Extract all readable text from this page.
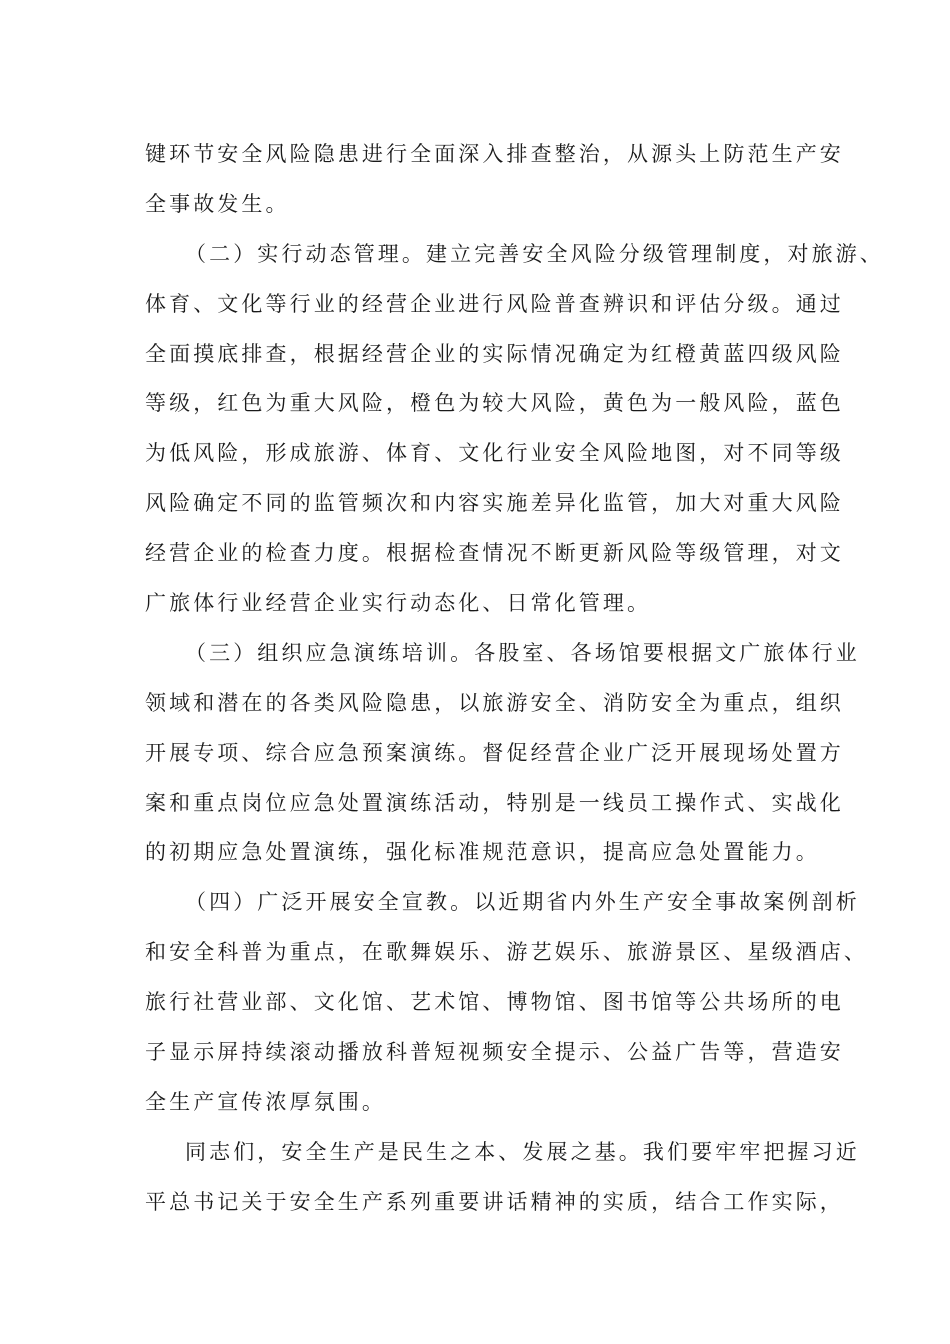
键环节安全风险隐患进行全面深入排查整治，从源头上防范生产安
全事故发生。
（二）实行动态管理。建立完善安全风险分级管理制度，对旅游、
体育、文化等行业的经营企业进行风险普查辨识和评估分级。通过
全面摸底排查，根据经营企业的实际情况确定为红橙黄蓝四级风险
等级，红色为重大风险，橙色为较大风险，黄色为一般风险，蓝色
为低风险，形成旅游、体育、文化行业安全风险地图，对不同等级
风险确定不同的监管频次和内容实施差异化监管，加大对重大风险
经营企业的检查力度。根据检查情况不断更新风险等级管理，对文
广旅体行业经营企业实行动态化、日常化管理。
（三）组织应急演练培训。各股室、各场馆要根据文广旅体行业
领域和潜在的各类风险隐患，以旅游安全、消防安全为重点，组织
开展专项、综合应急预案演练。督促经营企业广泛开展现场处置方
案和重点岗位应急处置演练活动，特别是一线员工操作式、实战化
的初期应急处置演练，强化标准规范意识，提高应急处置能力。
（四）广泛开展安全宣教。以近期省内外生产安全事故案例剖析
和安全科普为重点，在歌舞娱乐、游艺娱乐、旅游景区、星级酒店、
旅行社营业部、文化馆、艺术馆、博物馆、图书馆等公共场所的电
子显示屏持续滚动播放科普短视频安全提示、公益广告等，营造安
全生产宣传浓厚氛围。
同志们，安全生产是民生之本、发展之基。我们要牢牢把握习近
平总书记关于安全生产系列重要讲话精神的实质，结合工作实际，
